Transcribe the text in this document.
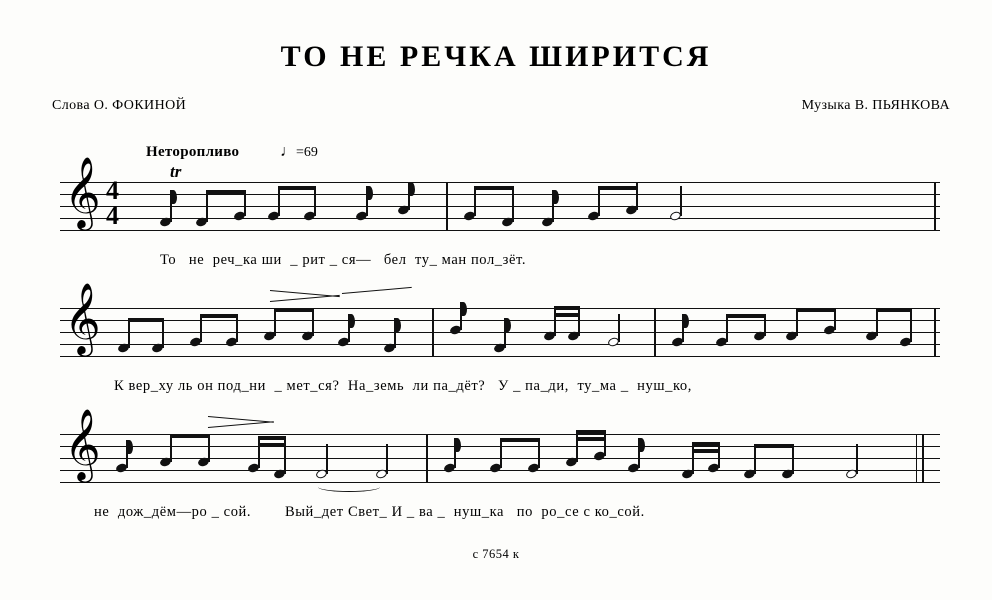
ТО НЕ РЕЧКА ШИРИТСЯ
Слова О. ФОКИНОЙ	Музыка В. ПЬЯНКОВА
Неторопливо	♩=69
tr
𝄞 4
4
То   не  реч_ка ши  _ рит _ ся—   бел  ту_ ман пол_зёт.
𝄞
К вер_ху ль он под_ни  _ мет_ся?  На_земь  ли па_дёт?   У _ па_ди,  ту_ма _  нуш_ко,
𝄞
не  дож_дём—ро _ сой.        Вый_дет Свет_ И _ ва _  нуш_ка   по  ро_се с ко_сой.
с 7654 к
